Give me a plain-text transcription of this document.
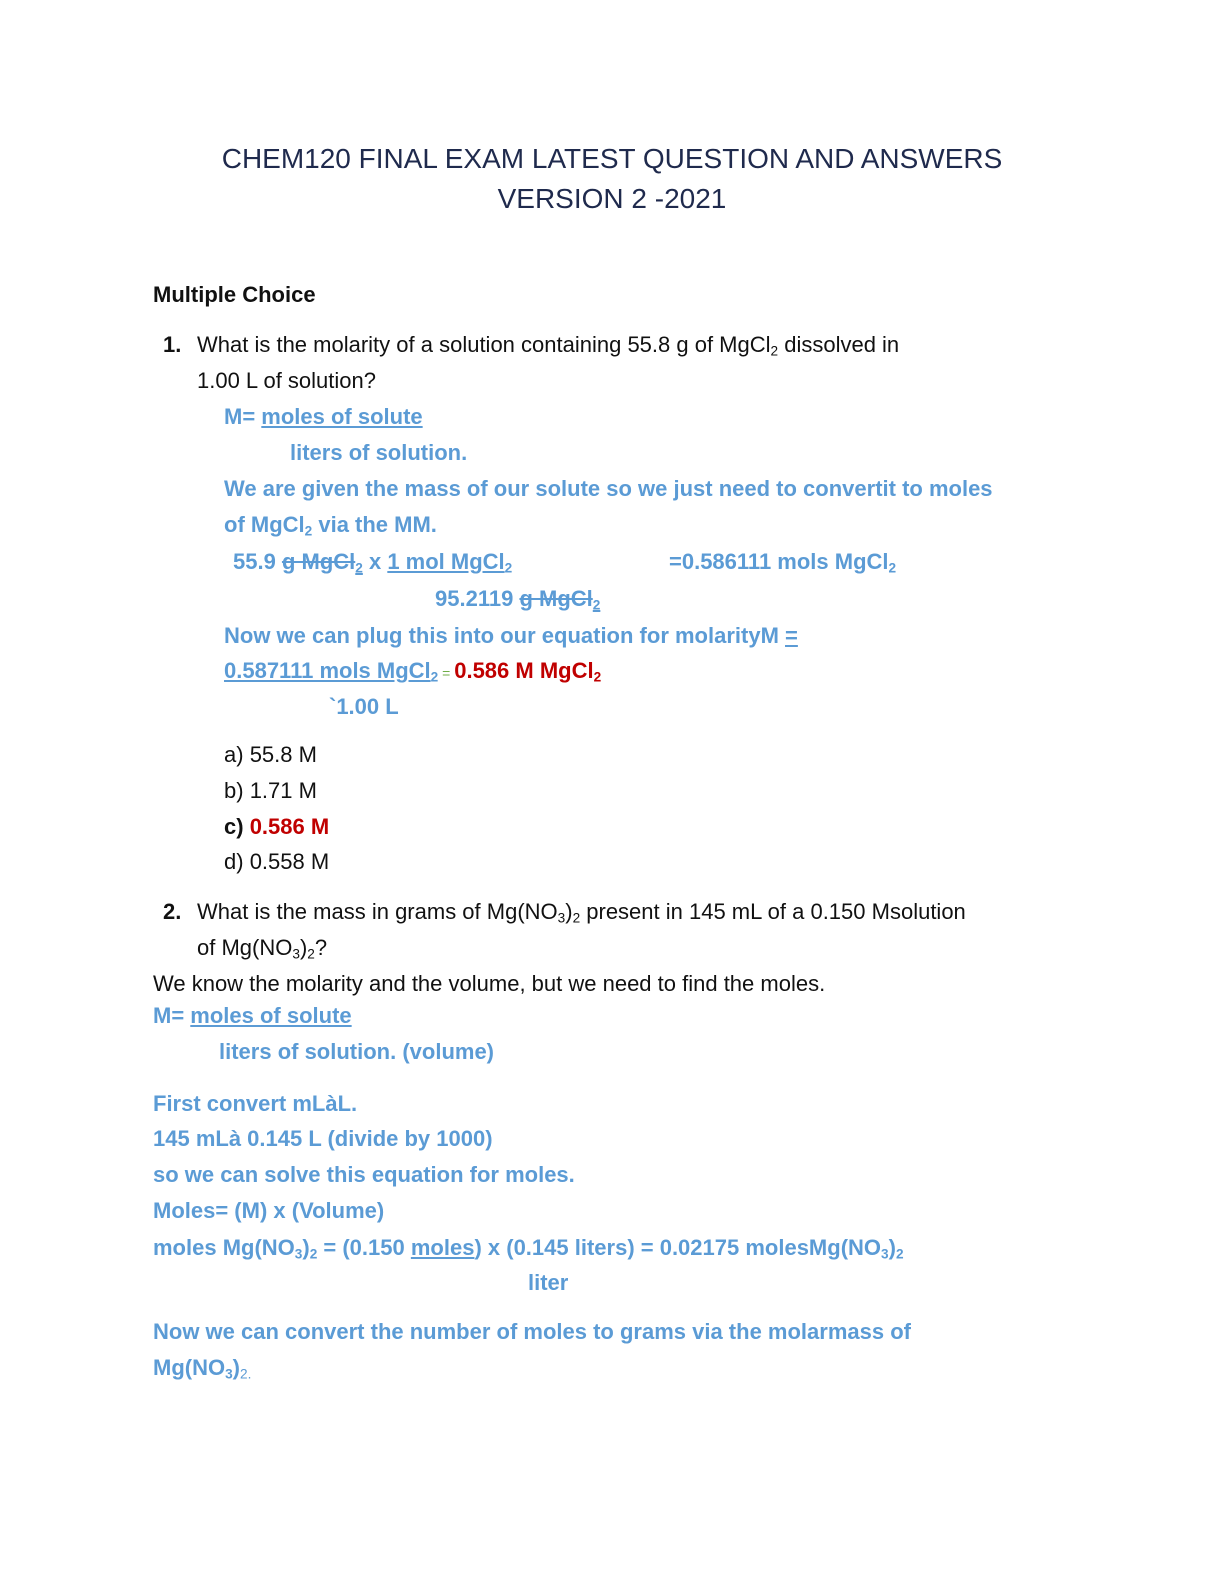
CHEM120 FINAL EXAM LATEST QUESTION AND ANSWERS
VERSION 2 -2021
Multiple Choice
1. What is the molarity of a solution containing 55.8 g of MgCl$_2$ dissolved in
1.00 L of solution?
M= moles of solute
liters of solution.
We are given the mass of our solute so we just need to convertit to moles
of MgCl$_2$ via the MM.
55.9 g MgCl$_2$ x 1 mol MgCl$_2$	=0.586111 mols MgCl$_2$
95.2119 g MgCl$_2$
Now we can plug this into our equation for molarityM =
0.587111 mols MgCl$_2$ = 0.586 M MgCl$_2$
`1.00 L
a) 55.8 M
b) 1.71 M
c) 0.586 M
d) 0.558 M
2. What is the mass in grams of $Mg(NO_3)_2$ present in 145 mL of a 0.150 Msolution
of $Mg(NO_3)_2$?
We know the molarity and the volume, but we need to find the moles.
M= moles of solute
liters of solution. (volume)
First convert mLàL.
145 mLà 0.145 L (divide by 1000)
so we can solve this equation for moles.
Moles= (M) x (Volume)
moles $Mg(NO_3)_2 = (0.150$ moles) x (0.145 liters) = 0.02175 $molesMg(NO_3)_2$
liter
Now we can convert the number of moles to grams via the molarmass of
$Mg(NO_3)_{2.}$
